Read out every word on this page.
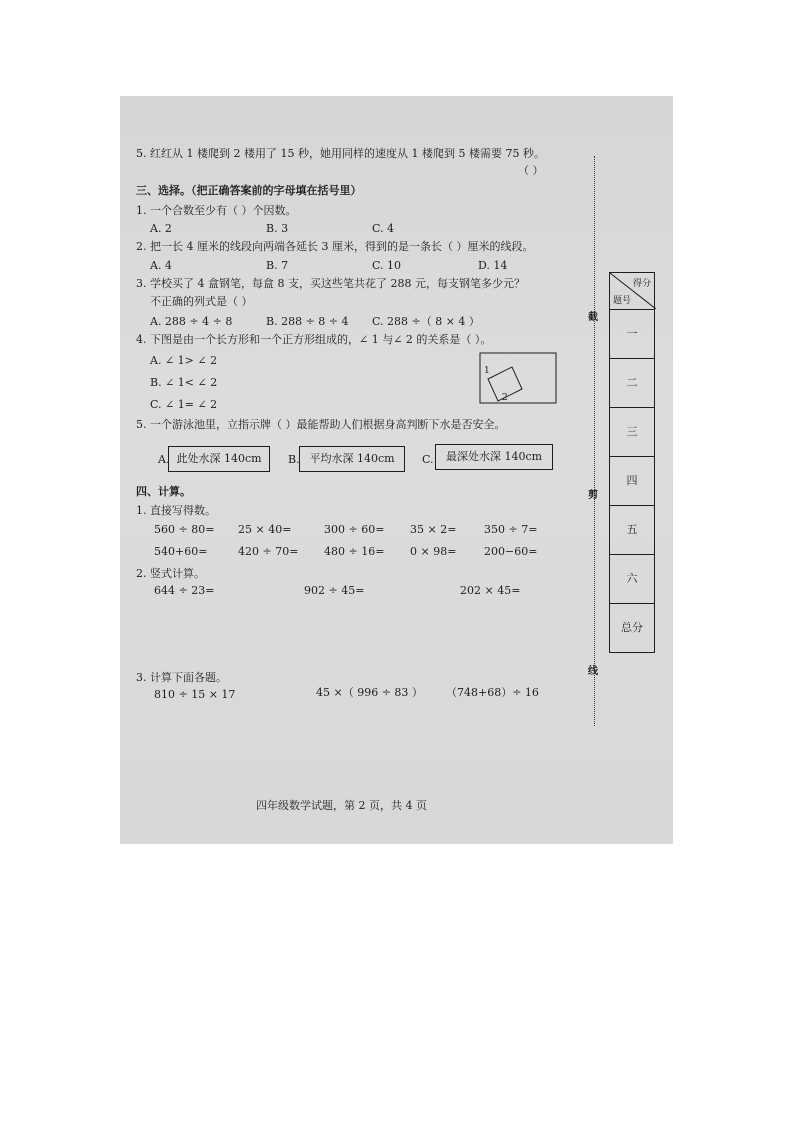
5. 红红从 1 楼爬到 2 楼用了 15 秒，她用同样的速度从 1 楼爬到 5 楼需要 75 秒。
（ ）
三、选择。（把正确答案前的字母填在括号里）
1. 一个合数至少有（ ）个因数。
A. 2	B. 3	C. 4
2. 把一长 4 厘米的线段向两端各延长 3 厘米，得到的是一条长（ ）厘米的线段。
A. 4	B. 7	C. 10	D. 14
3. 学校买了 4 盒钢笔，每盒 8 支，买这些笔共花了 288 元，每支钢笔多少元？
不正确的列式是（ ）
A. 288 ÷ 4 ÷ 8	B. 288 ÷ 8 ÷ 4 C. 288 ÷（ 8 × 4 ）
4. 下图是由一个长方形和一个正方形组成的，∠ 1 与∠ 2 的关系是（ ）。
A. ∠ 1> ∠ 2
B. ∠ 1< ∠ 2
C. ∠ 1= ∠ 2
1
2
5. 一个游泳池里，立指示牌（ ）最能帮助人们根据身高判断下水是否安全。
A. 此处水深 140cm	B. 平均水深 140cm	C.	最深处水深 140cm
四、计算。
1. 直接写得数。
560 ÷ 80= 25 × 40=	300 ÷ 60= 35 × 2=	350 ÷ 7=
540+60=	420 ÷ 70= 480 ÷ 16= 0 × 98=	200−60=
2. 竖式计算。
644 ÷ 23=	902 ÷ 45=	202 × 45=
3. 计算下面各题。
810 ÷ 15 × 17	45 ×（ 996 ÷ 83 ） （748+68）÷ 16
截
剪
线
得分
题号
一
二
三
四
五
六
总分
四年级数学试题，第 2 页，共 4 页
